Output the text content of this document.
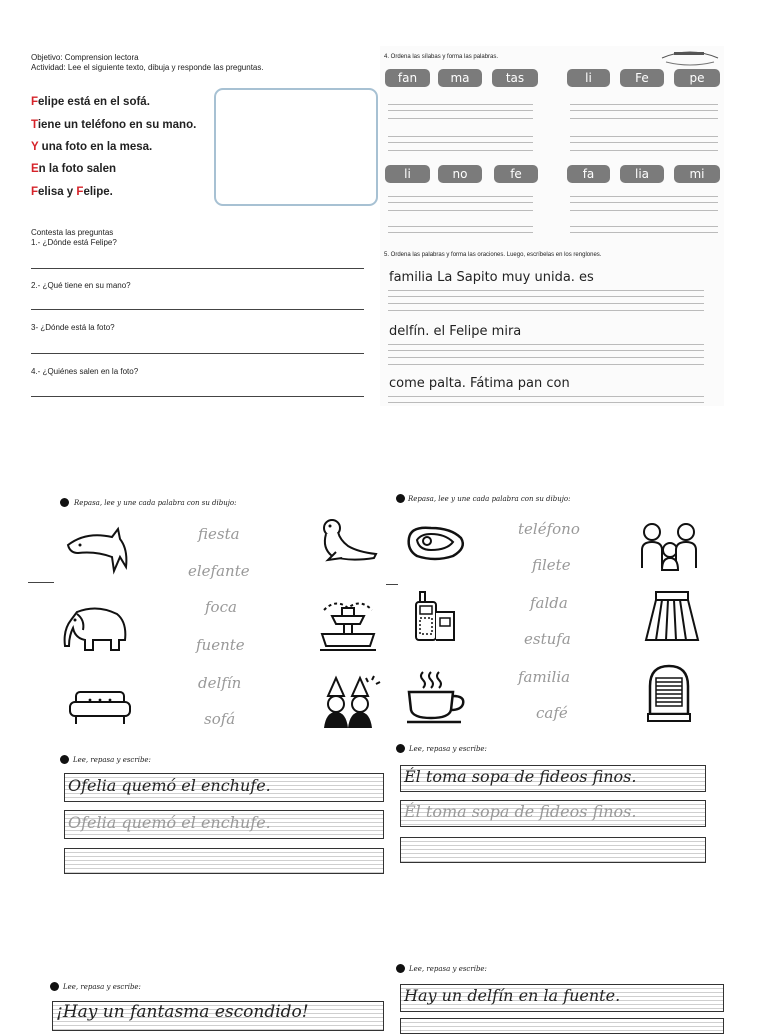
Objetivo: Comprension lectora
Actividad: Lee el siguiente texto, dibuja y responde las preguntas.
Felipe está en el sofá.
Tiene un teléfono en su mano.
Y una foto en la mesa.
En la foto salen
Felisa y Felipe.
Contesta las preguntas
1.- ¿Dónde está Felipe?
2.- ¿Qué tiene en su mano?
3- ¿Dónde está la foto?
4.- ¿Quiénes salen en la foto?
4. Ordena las sílabas y forma las palabras.
fan	ma	tas	li	Fe	pe
li	no	fe	fa	lia	mi
5. Ordena las palabras y forma las oraciones. Luego, escríbelas en los renglones.
familia La Sapito muy unida. es
delfín. el Felipe mira
come palta. Fátima pan con
Repasa, lee y une cada palabra con su dibujo:
fiesta
elefante
foca
fuente
delfín
sofá
Repasa, lee y une cada palabra con su dibujo:
teléfono
filete
falda
estufa
familia
café
Lee, repasa y escribe:
Ofelia quemó el enchufe.
Ofelia quemó el enchufe.
Lee, repasa y escribe:
Él toma sopa de fideos finos.
Él toma sopa de fideos finos.
Lee, repasa y escribe:
¡Hay un fantasma escondido!
Lee, repasa y escribe:
Hay un delfín en la fuente.
